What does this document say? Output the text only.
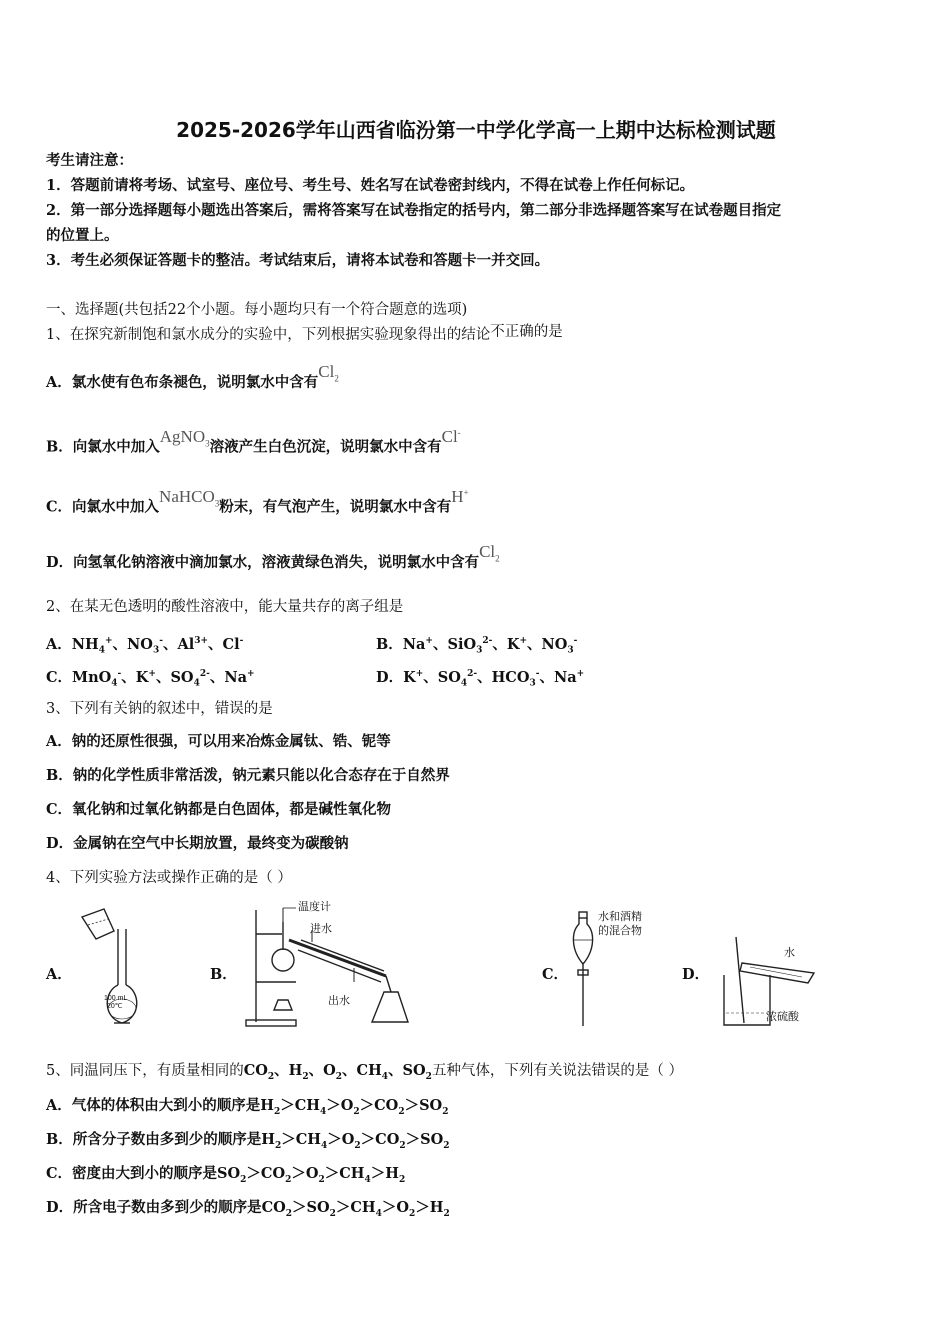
2025-2026学年山西省临汾第一中学化学高一上期中达标检测试题
考生请注意：
1．答题前请将考场、试室号、座位号、考生号、姓名写在试卷密封线内，不得在试卷上作任何标记。
2．第一部分选择题每小题选出答案后，需将答案写在试卷指定的括号内，第二部分非选择题答案写在试卷题目指定
的位置上。
3．考生必须保证答题卡的整洁。考试结束后，请将本试卷和答题卡一并交回。
一、选择题(共包括22个小题。每小题均只有一个符合题意的选项)
1、在探究新制饱和氯水成分的实验中，下列根据实验现象得出的结论不正确的是
A．氯水使有色布条褪色，说明氯水中含有$Cl_2$
B．向氯水中加入AgNO$_3$溶液产生白色沉淀，说明氯水中含有Cl-
C．向氯水中加入NaHCO$_3$粉末，有气泡产生，说明氯水中含有H+
D．向氢氧化钠溶液中滴加氯水，溶液黄绿色消失，说明氯水中含有$Cl_2$
2、在某无色透明的酸性溶液中，能大量共存的离子组是
A．$NH_4^+$、$NO_3^-$、$Al^{3+}$、Cl-	B．Na+、SiO$_3^{2-}$、K+、$NO_3^-$
C．MnO$_4$-、K+、$SO_4^{2-}$、Na+	D．K+、$SO_4^{2-}$、$HCO_3^-$、Na+
3、下列有关钠的叙述中，错误的是
A．钠的还原性很强，可以用来冶炼金属钛、锆、铌等
B．钠的化学性质非常活泼，钠元素只能以化合态存在于自然界
C．氧化钠和过氧化钠都是白色固体，都是碱性氧化物
D．金属钠在空气中长期放置，最终变为碳酸钠
4、下列实验方法或操作正确的是（ ）
A．
100 mL
20℃
B．
温度计
进水
出水
C．
水和酒精
的混合物
D．
水
浓硫酸
5、同温同压下，有质量相同的$CO_2$、$H_2$、$O_2$、$CH_4$、$SO_2$五种气体，下列有关说法错误的是（ ）
A．气体的体积由大到小的顺序是$H_2>CH_4>O_2>CO_2>SO_2$
B．所含分子数由多到少的顺序是$H_2>CH_4>O_2>CO_2>SO_2$
C．密度由大到小的顺序是$SO_2>CO_2>O_2>CH_4>H_2$
D．所含电子数由多到少的顺序是$CO_2>SO_2>CH_4>O_2>H_2$
